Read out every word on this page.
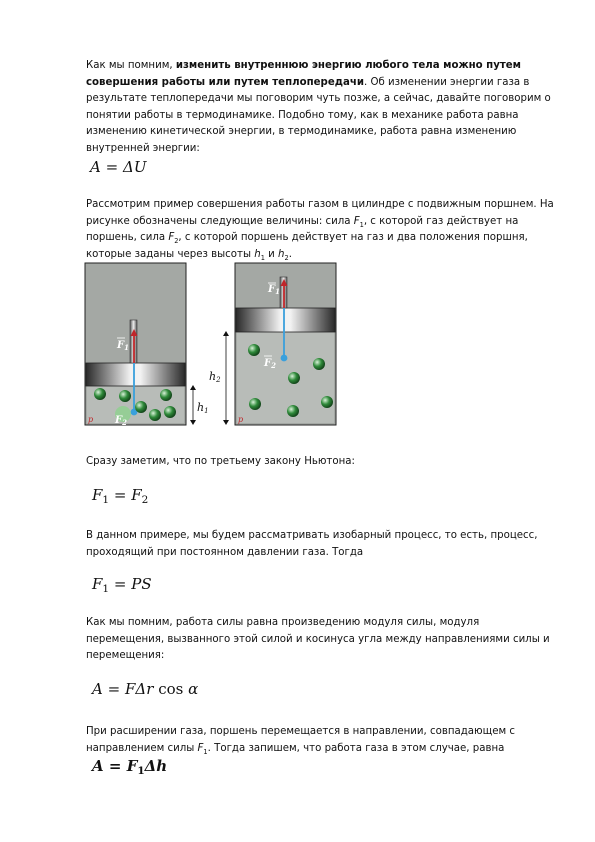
Как мы помним, изменить внутреннюю энергию любого тела можно путем совершения работы или путем теплопередачи. Об изменении энергии газа в результате теплопередачи мы поговорим чуть позже, а сейчас, давайте поговорим о понятии работы в термодинамике. Подобно тому, как в механике работа равна изменению кинетической энергии, в термодинамике, работа равна изменению внутренней энергии:

A = ΔU

Рассмотрим пример совершения работы газом в цилиндре с подвижным поршнем. На рисунке обозначены следующие величины: сила $F_1$, с которой газ действует на поршень, сила $F_2$, с которой поршень действует на газ и два положения поршня, которые заданы через высоты $h_1$ и $h_2$.

$F_1$
$F_2$
p
h1
$F_1$
$F_2$
p
h2

Сразу заметим, что по третьему закону Ньютона:

$F_1 = F_2$

В данном примере, мы будем рассматривать изобарный процесс, то есть, процесс, проходящий при постоянном давлении газа. Тогда

$F_1$ = PS

Как мы помним, работа силы равна произведению модуля силы, модуля перемещения, вызванного этой силой и косинуса угла между направлениями силы и перемещения:

A = FΔr cos α

При расширении газа, поршень перемещается в направлении, совпадающем с направлением силы $F_1$. Тогда запишем, что работа газа в этом случае, равна

$A = F_1\Delta h$
